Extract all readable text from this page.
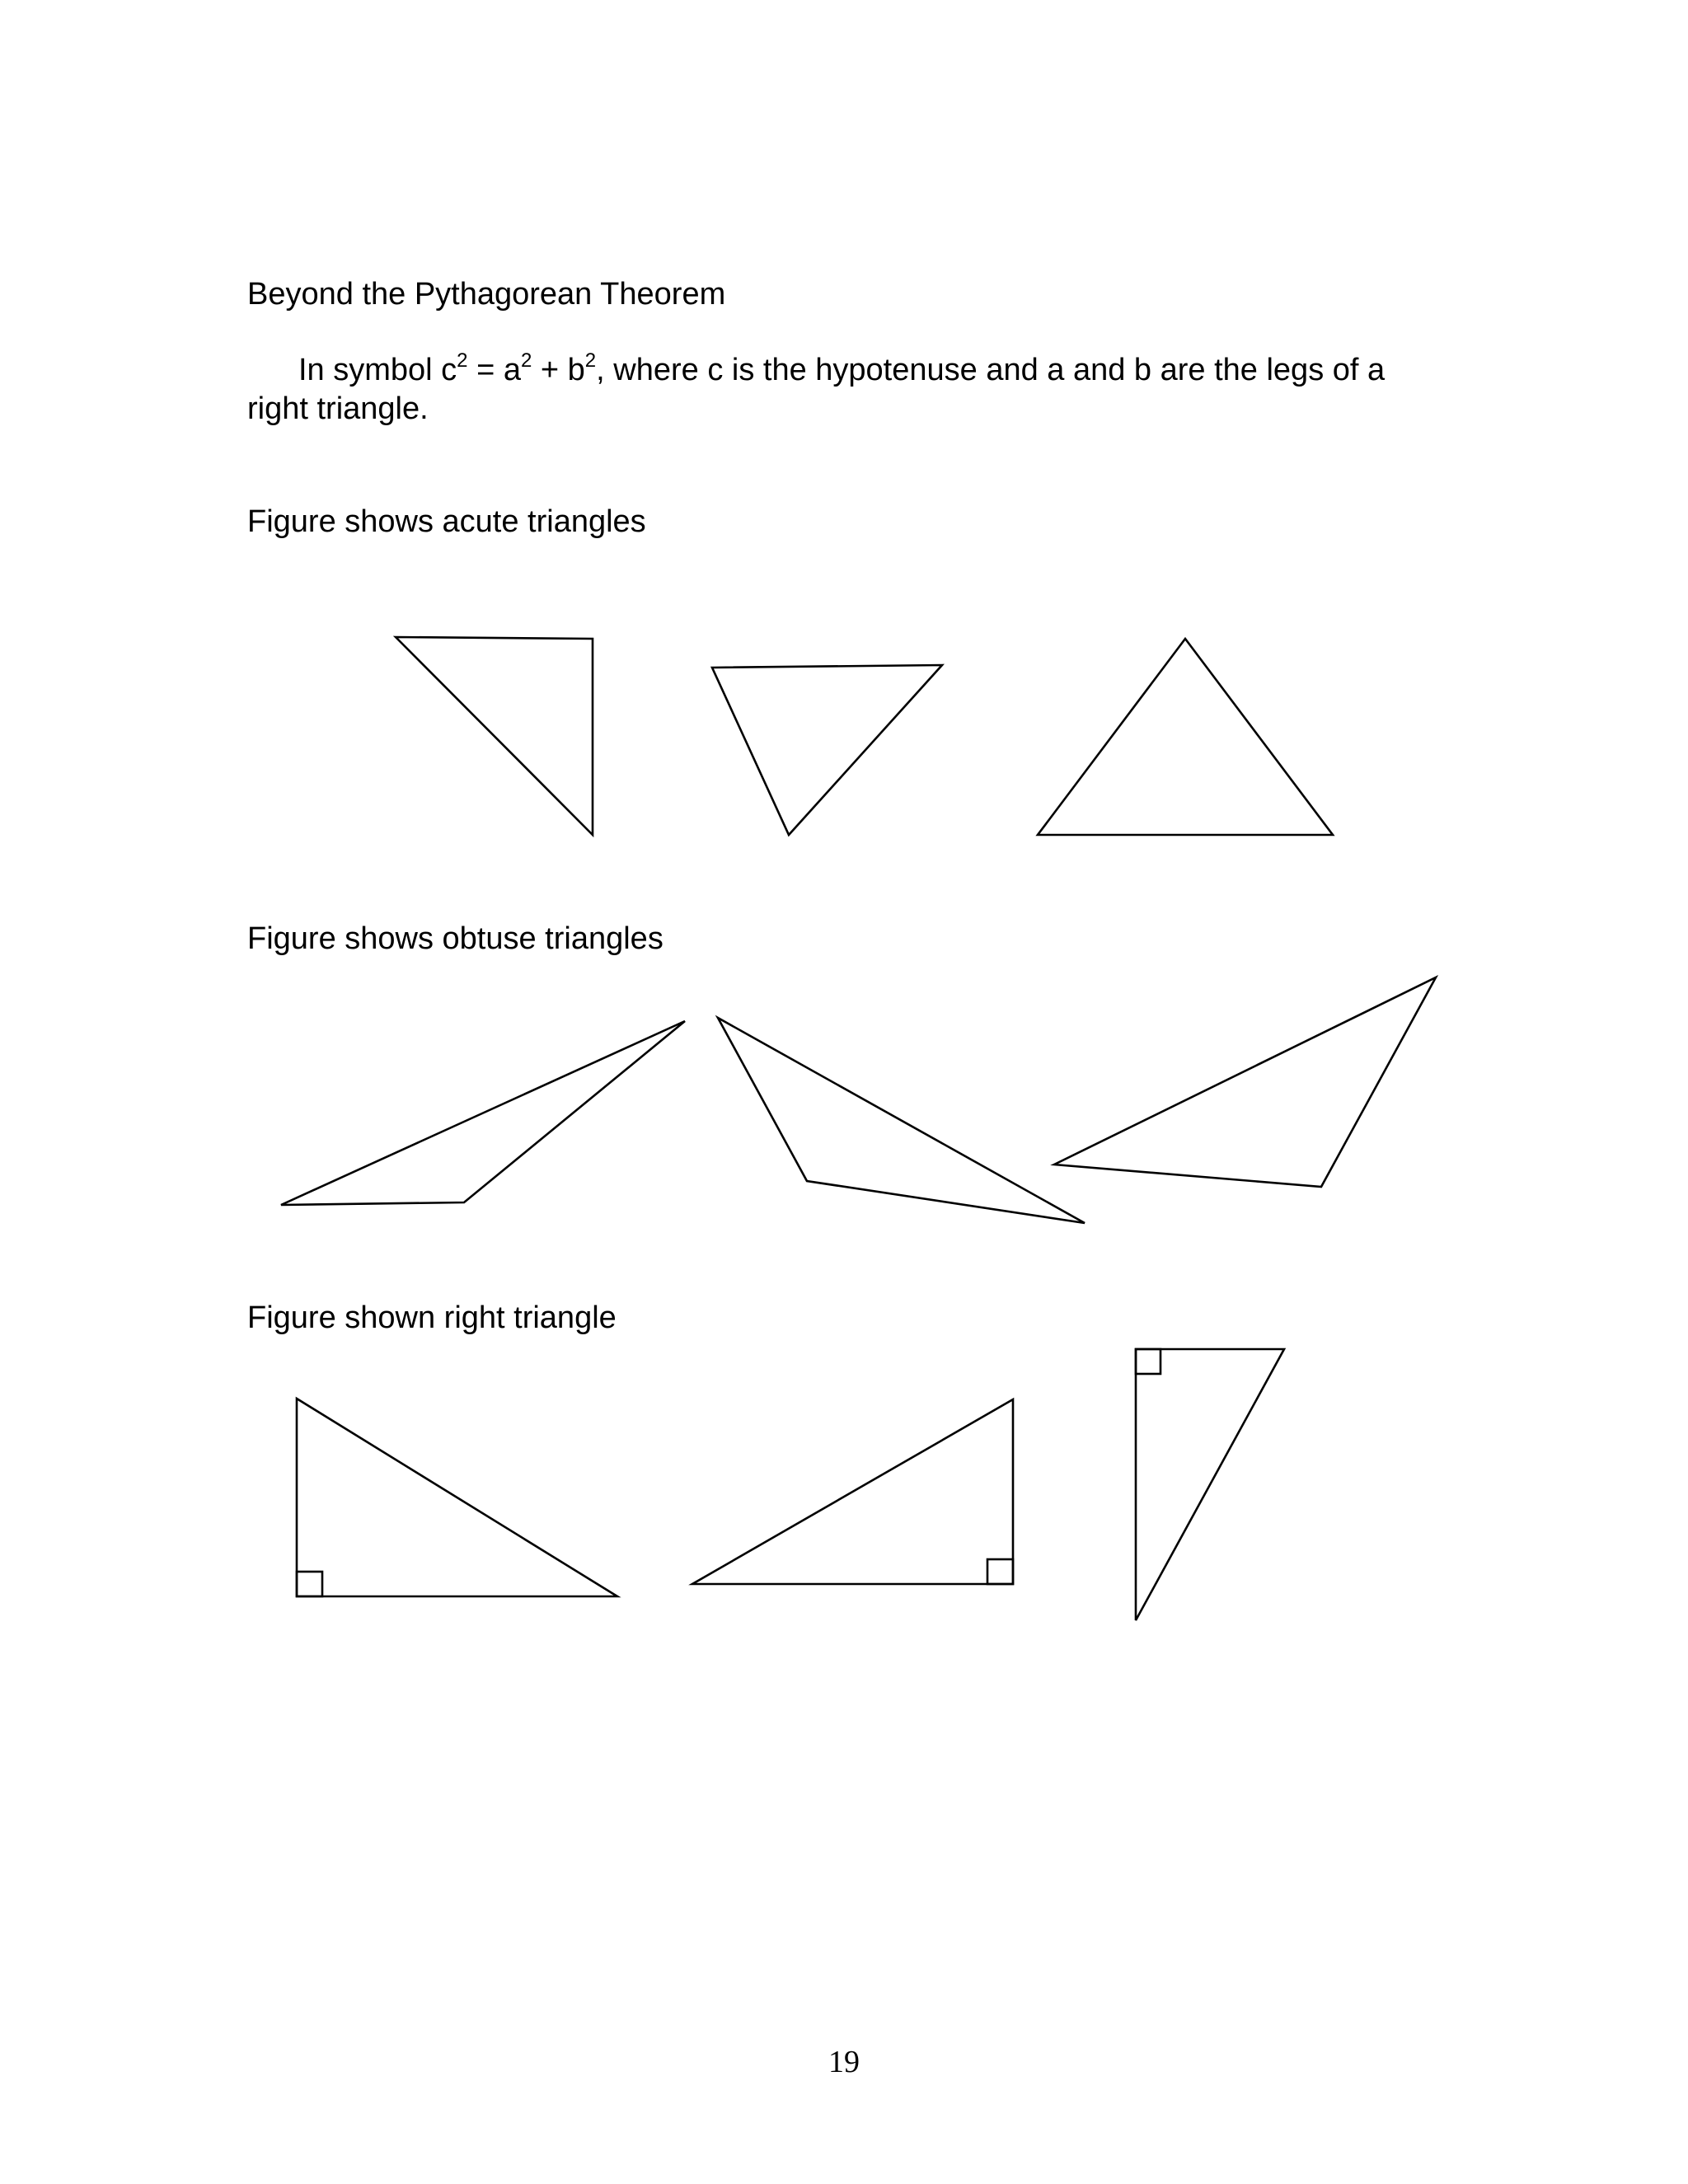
Beyond the Pythagorean Theorem
In symbol $c^2 = a^2 + b^2$, where c is the hypotenuse and a and b are the legs of a right triangle.
Figure shows acute triangles
Figure shows obtuse triangles
Figure shown right triangle
19
